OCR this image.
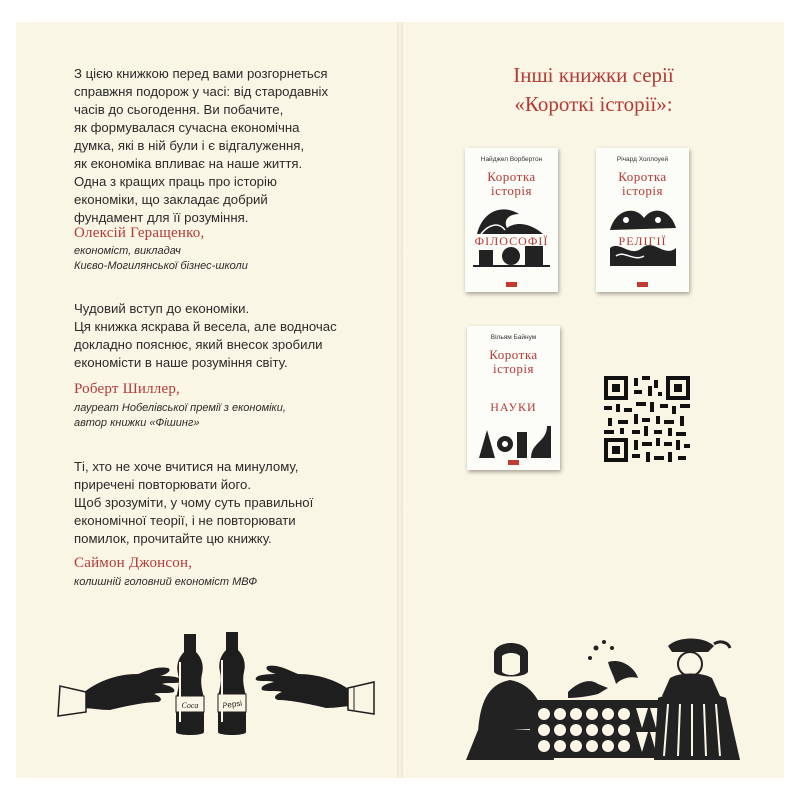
З цією книжкою перед вами розгорнеться
справжня подорож у часі: від стародавніх
часів до сьогодення. Ви побачите,
як формувалася сучасна економічна
думка, які в ній були і є відгалуження,
як економіка впливає на наше життя.
Одна з кращих праць про історію
економіки, що закладає добрий
фундамент для її розуміння.
Олексій Геращенко,
економіст, викладач
Києво-Могилянської бізнес-школи
Чудовий вступ до економіки.
Ця книжка яскрава й весела, але водночас
докладно пояснює, який внесок зробили
економісти в наше розуміння світу.
Роберт Шиллер,
лауреат Нобелівської премії з економіки,
автор книжки «Фішинг»
Ті, хто не хоче вчитися на минулому,
приречені повторювати його.
Щоб зрозуміти, у чому суть правильної
економічної теорії, і не повторювати
помилок, прочитайте цю книжку.
Саймон Джонсон,
колишній головний економіст МВФ
Coca	Pepsi
Інші книжки серії
«Короткі історії»:
Найджел Ворбертон
Коротка
історія
ФІЛОСОФІЇ
Річард Холлоуей
Коротка
історія
РЕЛІГІЇ
Вільям Байнум
Коротка
історія
НАУКИ
